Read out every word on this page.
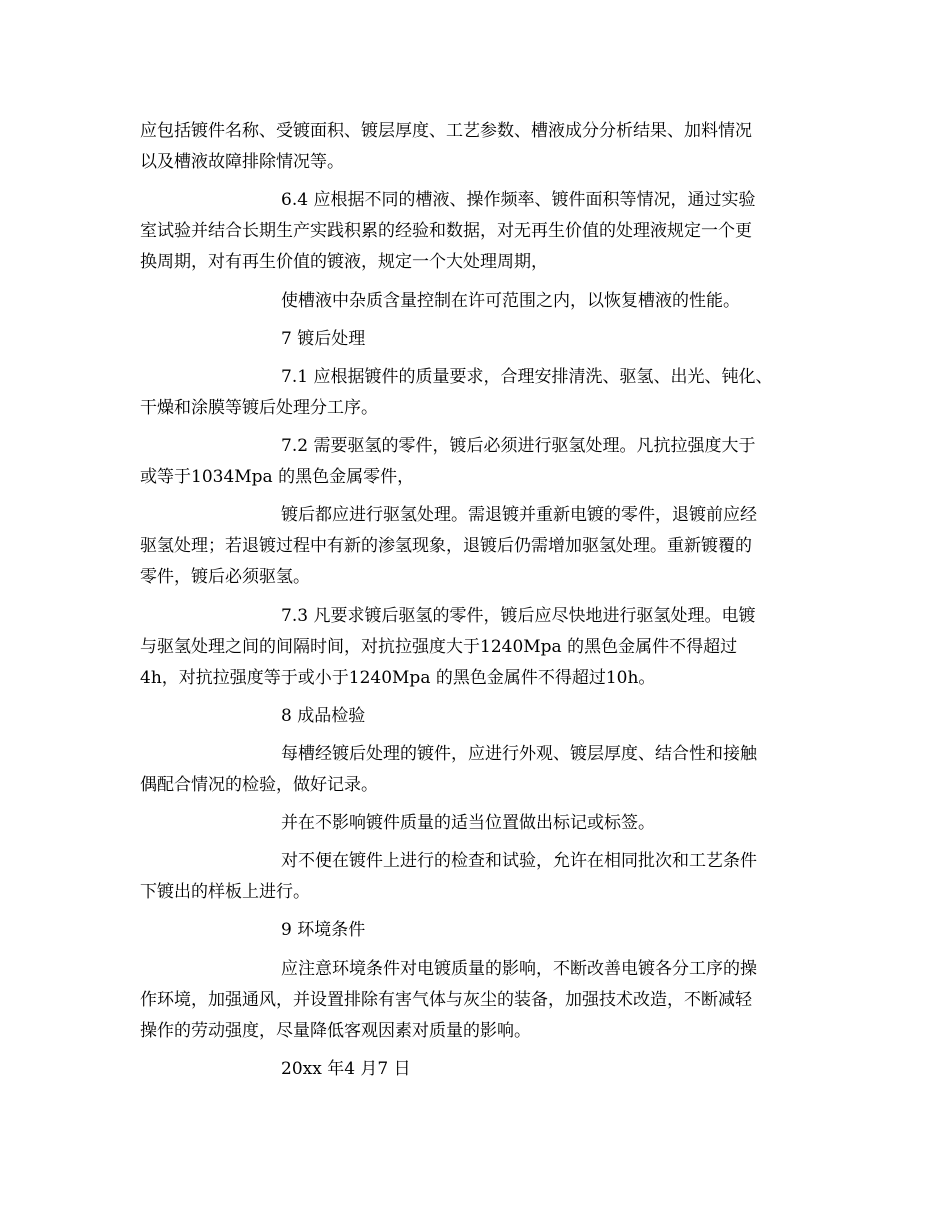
应包括镀件名称、受镀面积、镀层厚度、工艺参数、槽液成分分析结果、加料情况
以及槽液故障排除情况等。
6.4 应根据不同的槽液、操作频率、镀件面积等情况，通过实验
室试验并结合长期生产实践积累的经验和数据，对无再生价值的处理液规定一个更
换周期，对有再生价值的镀液，规定一个大处理周期，
使槽液中杂质含量控制在许可范围之内，以恢复槽液的性能。
7 镀后处理
7.1 应根据镀件的质量要求，合理安排清洗、驱氢、出光、钝化、
干燥和涂膜等镀后处理分工序。
7.2 需要驱氢的零件，镀后必须进行驱氢处理。凡抗拉强度大于
或等于1034Mpa 的黑色金属零件，
镀后都应进行驱氢处理。需退镀并重新电镀的零件，退镀前应经
驱氢处理；若退镀过程中有新的渗氢现象，退镀后仍需增加驱氢处理。重新镀覆的
零件，镀后必须驱氢。
7.3 凡要求镀后驱氢的零件，镀后应尽快地进行驱氢处理。电镀
与驱氢处理之间的间隔时间，对抗拉强度大于1240Mpa 的黑色金属件不得超过
4h，对抗拉强度等于或小于1240Mpa 的黑色金属件不得超过10h。
8 成品检验
每槽经镀后处理的镀件，应进行外观、镀层厚度、结合性和接触
偶配合情况的检验，做好记录。
并在不影响镀件质量的适当位置做出标记或标签。
对不便在镀件上进行的检查和试验，允许在相同批次和工艺条件
下镀出的样板上进行。
9 环境条件
应注意环境条件对电镀质量的影响，不断改善电镀各分工序的操
作环境，加强通风，并设置排除有害气体与灰尘的装备，加强技术改造，不断减轻
操作的劳动强度，尽量降低客观因素对质量的影响。
20xx 年4 月7 日
